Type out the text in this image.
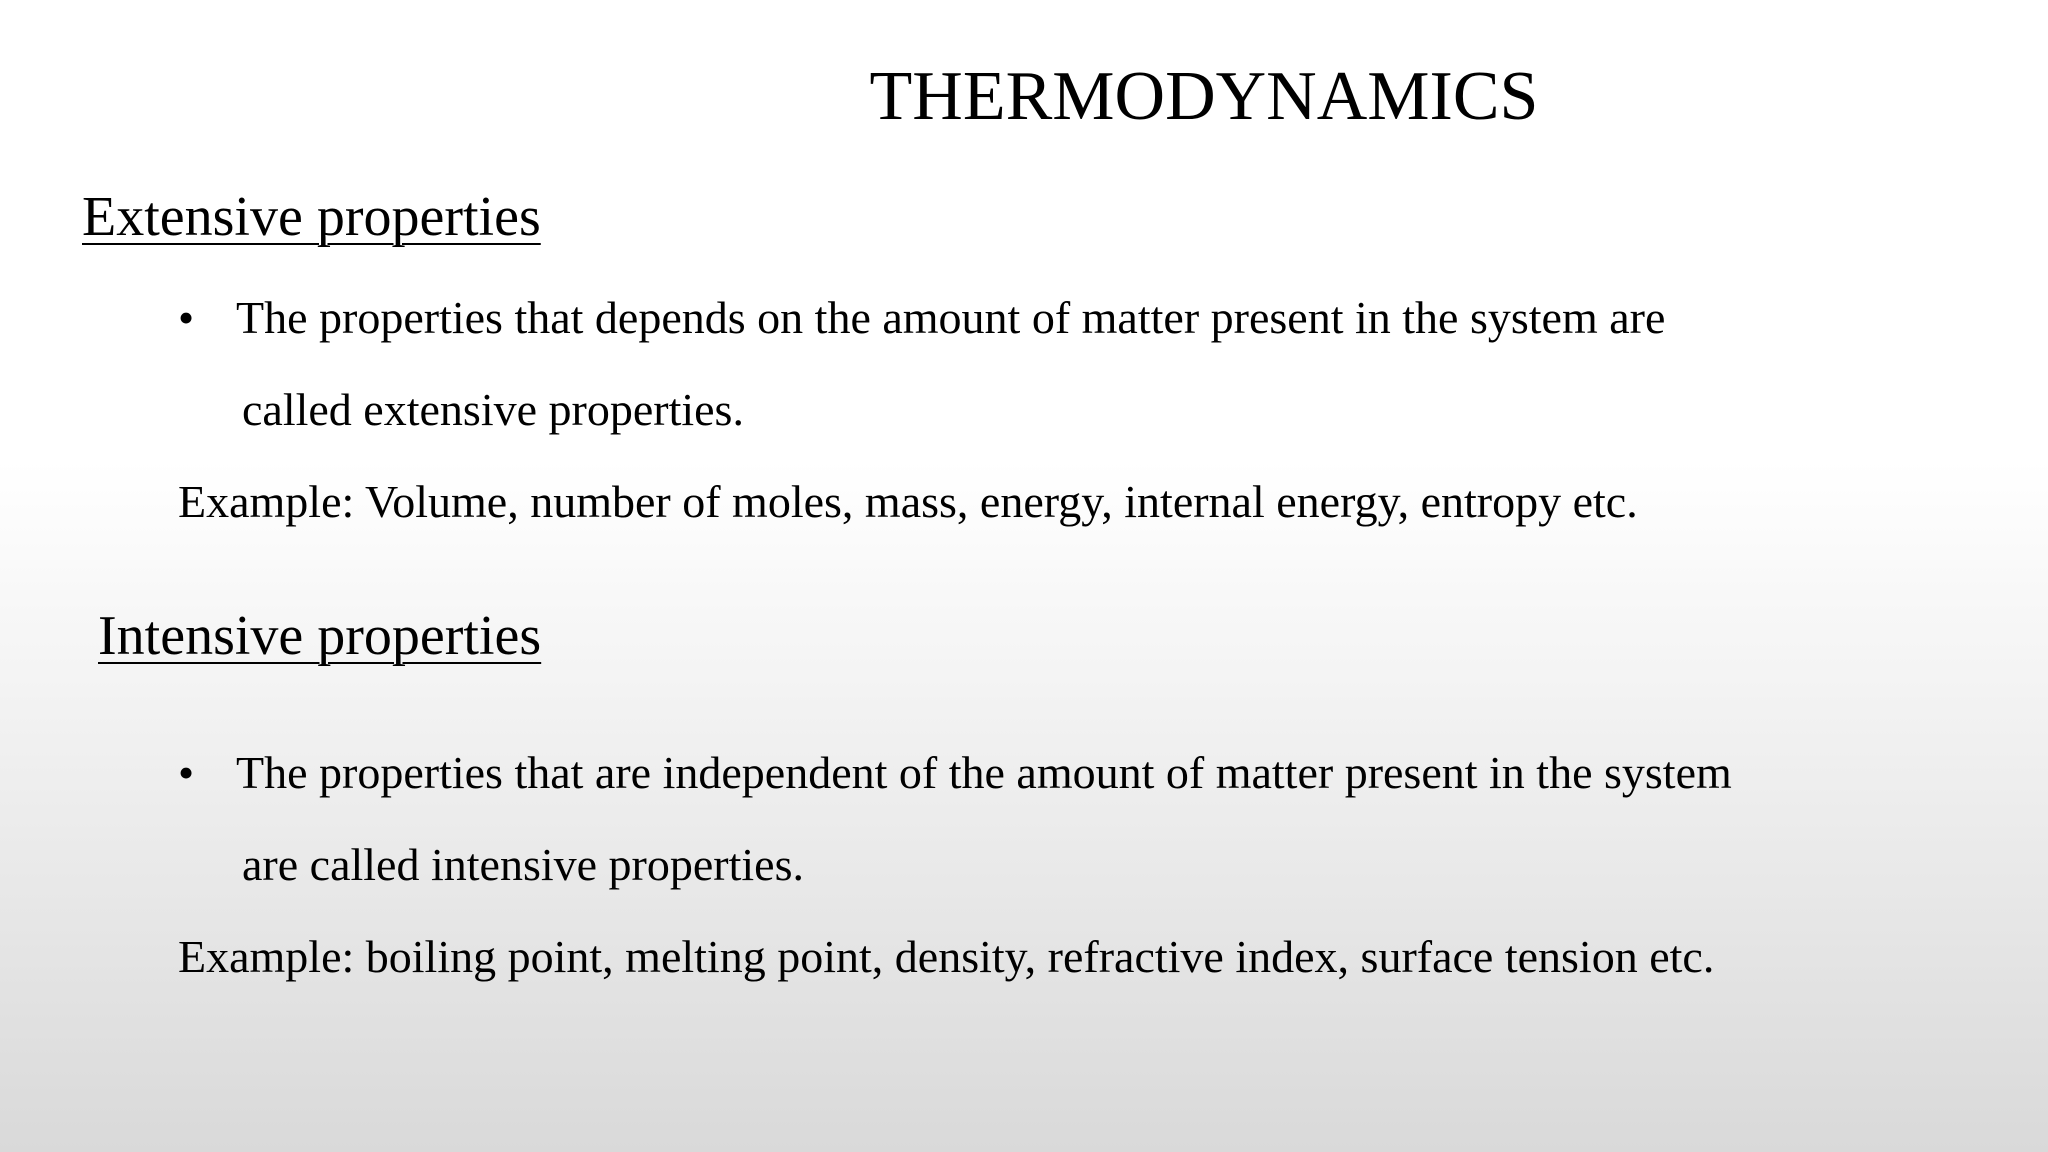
THERMODYNAMICS
Extensive properties
• The properties that depends on the amount of matter present in the system are
called extensive properties.
Example: Volume, number of moles, mass, energy, internal energy, entropy etc.
Intensive properties
• The properties that are independent of the amount of matter present in the system
are called intensive properties.
Example: boiling point, melting point, density, refractive index, surface tension etc.
